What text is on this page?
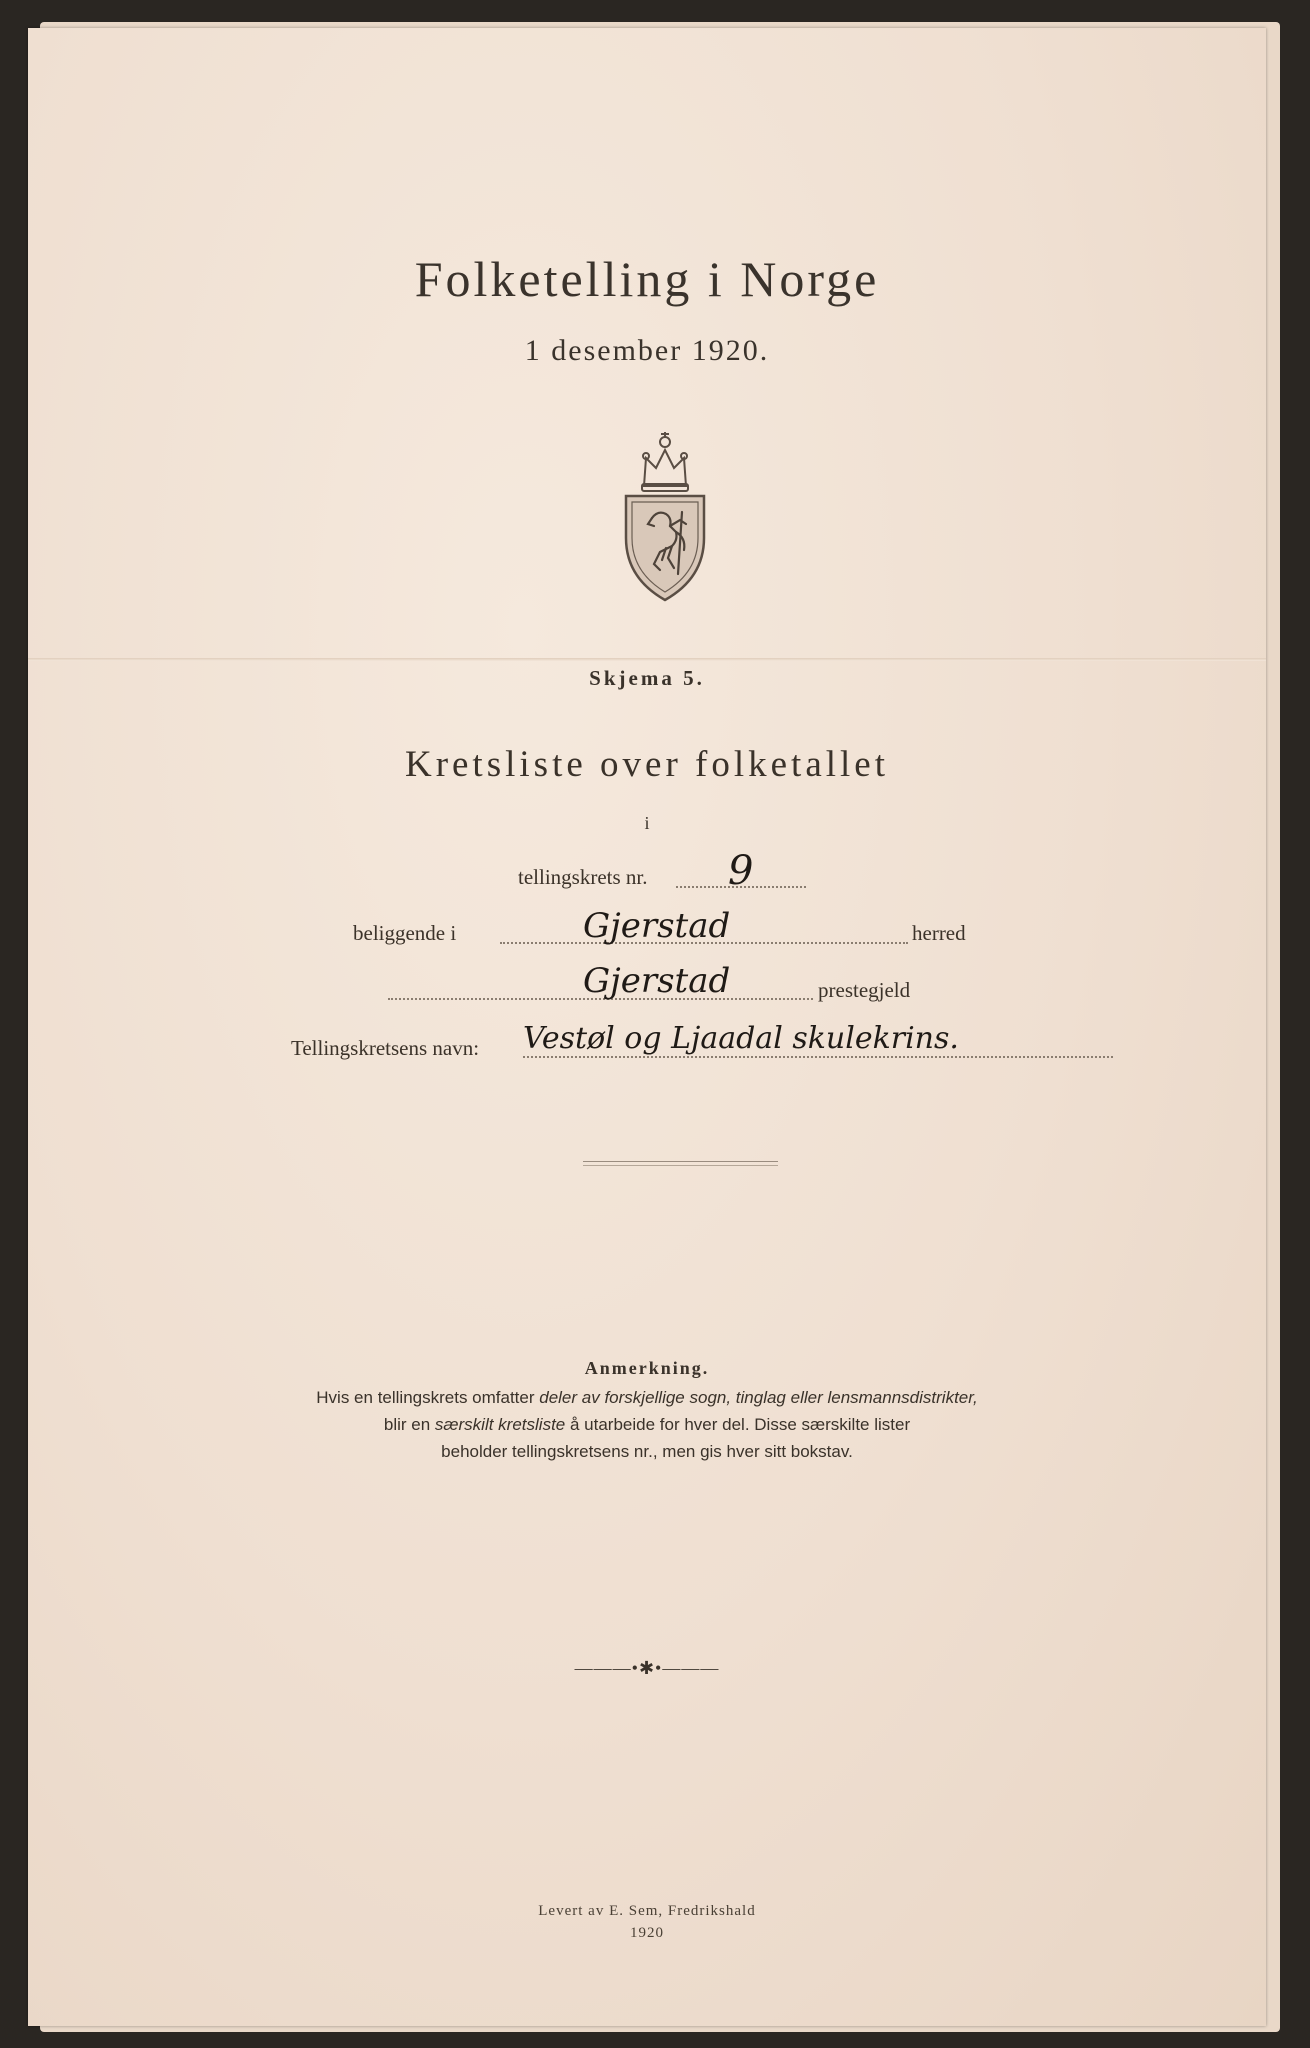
Folketelling i Norge
1 desember 1920.
Skjema 5.
Kretsliste over folketallet
i
tellingskrets nr. 9
beliggende i	Gjerstad	herred
Gjerstad	prestegjeld
Tellingskretsens navn: Vestøl og Ljaadal skulekrins.
Anmerkning.
Hvis en tellingskrets omfatter deler av forskjellige sogn, tinglag eller lensmannsdistrikter,
blir en særskilt kretsliste å utarbeide for hver del. Disse særskilte lister
beholder tellingskretsens nr., men gis hver sitt bokstav.
———•✱•———
Levert av E. Sem, Fredrikshald
1920
